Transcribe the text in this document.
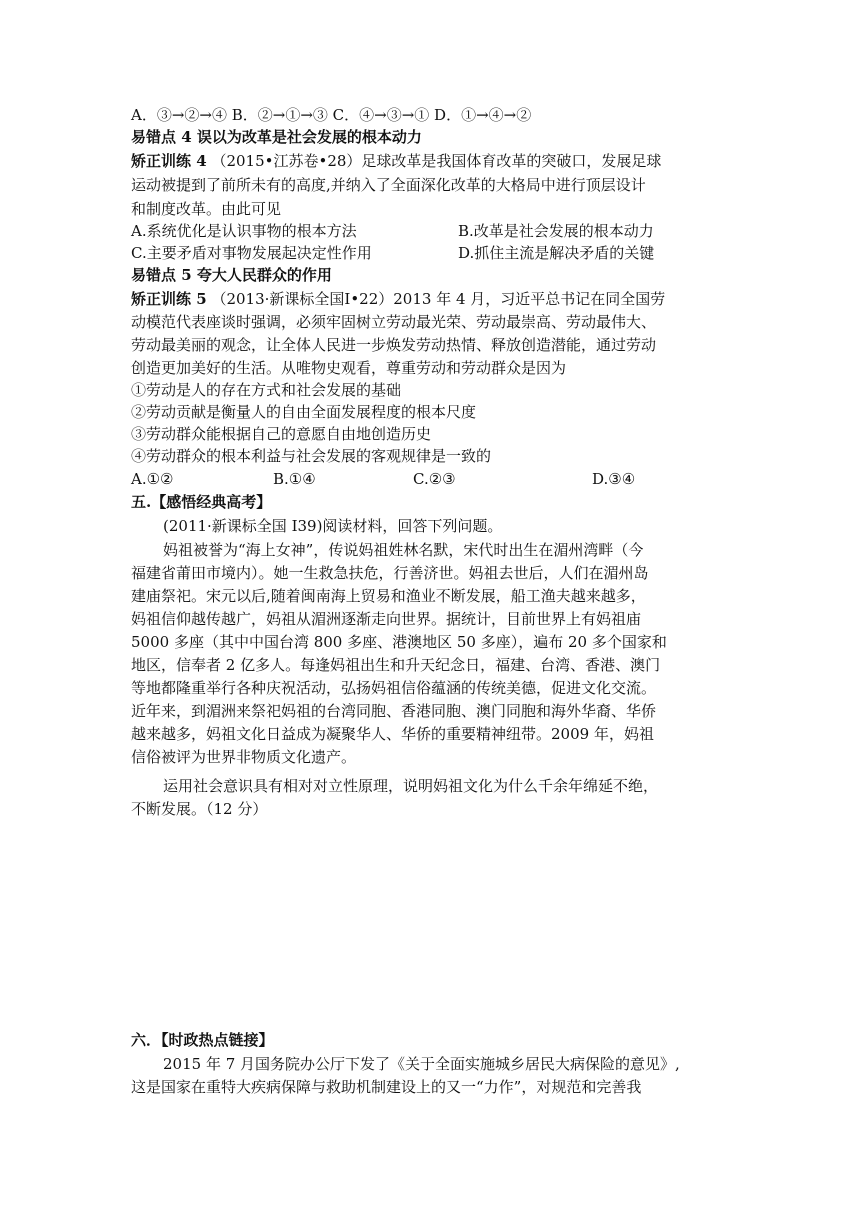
A．③→②→④ B．②→①→③ C．④→③→① D．①→④→②
易错点 4 误以为改革是社会发展的根本动力
矫正训练 4 （2015•江苏卷•28）足球改革是我国体育改革的突破口，发展足球
运动被提到了前所未有的高度,并纳入了全面深化改革的大格局中进行顶层设计
和制度改革。由此可见
A.系统优化是认识事物的根本方法	B.改革是社会发展的根本动力
C.主要矛盾对事物发展起决定性作用	D.抓住主流是解决矛盾的关键
易错点 5 夸大人民群众的作用
矫正训练 5 （2013·新课标全国Ⅰ•22）2013 年 4 月，习近平总书记在同全国劳
动模范代表座谈时强调，必须牢固树立劳动最光荣、劳动最崇高、劳动最伟大、
劳动最美丽的观念，让全体人民进一步焕发劳动热情、释放创造潜能，通过劳动
创造更加美好的生活。从唯物史观看，尊重劳动和劳动群众是因为
①劳动是人的存在方式和社会发展的基础
②劳动贡献是衡量人的自由全面发展程度的根本尺度
③劳动群众能根据自己的意愿自由地创造历史
④劳动群众的根本利益与社会发展的客观规律是一致的
A.①②	B.①④	C.②③	D.③④
五.【感悟经典高考】
(2011·新课标全国 I39)阅读材料，回答下列问题。
妈祖被誉为“海上女神”，传说妈祖姓林名默，宋代时出生在湄州湾畔（今
福建省莆田市境内）。她一生救急扶危，行善济世。妈祖去世后，人们在湄州岛
建庙祭祀。宋元以后,随着闽南海上贸易和渔业不断发展，船工渔夫越来越多，
妈祖信仰越传越广，妈祖从湄洲逐渐走向世界。据统计，目前世界上有妈祖庙
5000 多座（其中中国台湾 800 多座、港澳地区 50 多座），遍布 20 多个国家和
地区，信奉者 2 亿多人。每逢妈祖出生和升天纪念日，福建、台湾、香港、澳门
等地都隆重举行各种庆祝活动，弘扬妈祖信俗蕴涵的传统美德，促进文化交流。
近年来，到湄洲来祭祀妈祖的台湾同胞、香港同胞、澳门同胞和海外华裔、华侨
越来越多，妈祖文化日益成为凝聚华人、华侨的重要精神纽带。2009 年，妈祖
信俗被评为世界非物质文化遗产。
运用社会意识具有相对对立性原理，说明妈祖文化为什么千余年绵延不绝，
不断发展。（12 分）
六．【时政热点链接】
2015 年 7 月国务院办公厅下发了《关于全面实施城乡居民大病保险的意见》,
这是国家在重特大疾病保障与救助机制建设上的又一“力作”，对规范和完善我
